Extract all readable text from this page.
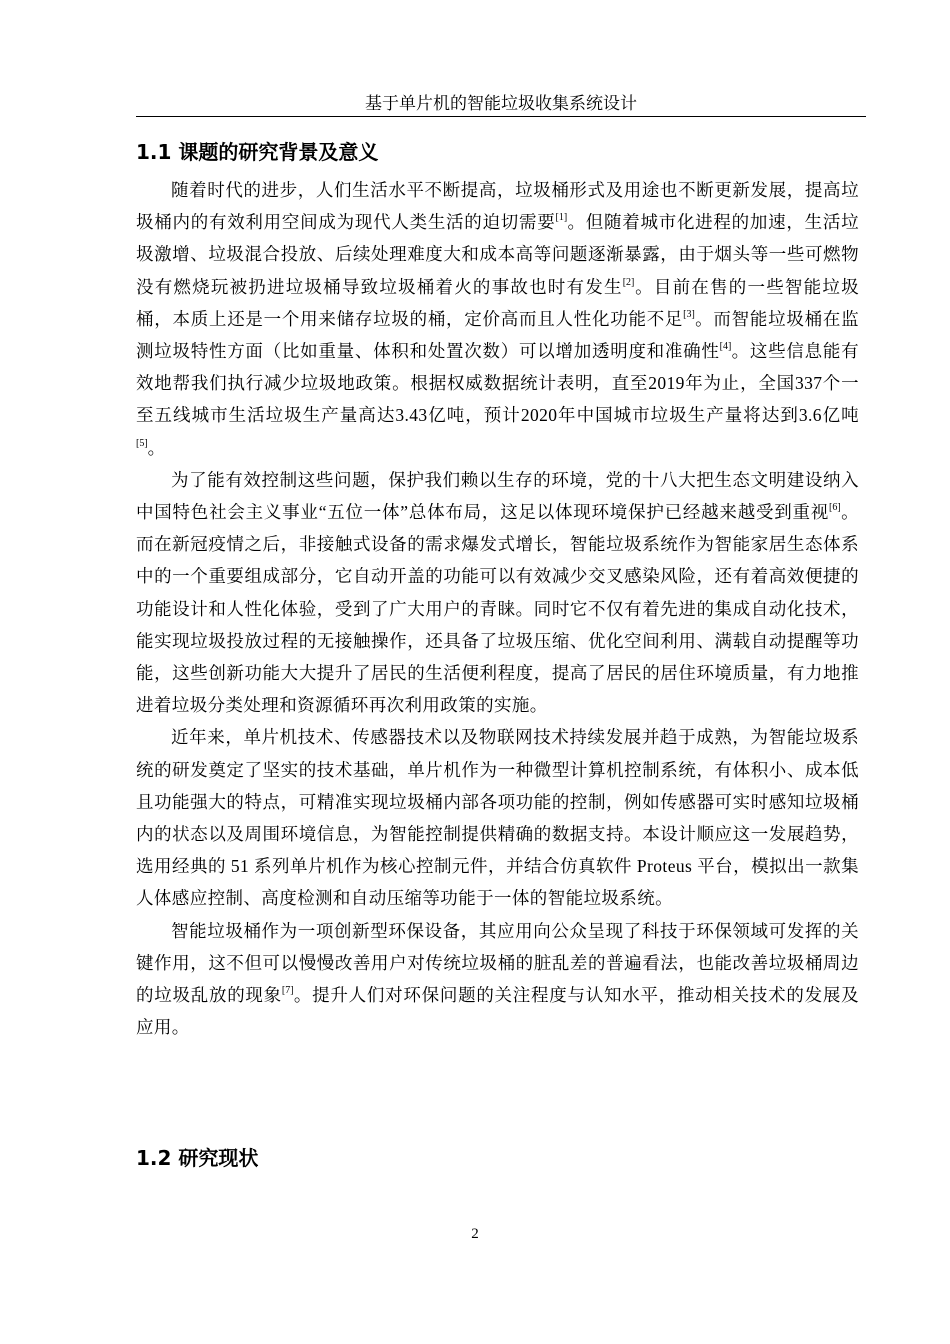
基于单片机的智能垃圾收集系统设计
1.1 课题的研究背景及意义

随着时代的进步，人们生活水平不断提高，垃圾桶形式及用途也不断更新发展，提高垃圾桶内的有效利用空间成为现代人类生活的迫切需要[1]。但随着城市化进程的加速，生活垃圾激增、垃圾混合投放、后续处理难度大和成本高等问题逐渐暴露，由于烟头等一些可燃物没有燃烧玩被扔进垃圾桶导致垃圾桶着火的事故也时有发生[2]。目前在售的一些智能垃圾桶，本质上还是一个用来储存垃圾的桶，定价高而且人性化功能不足[3]。而智能垃圾桶在监测垃圾特性方面（比如重量、体积和处置次数）可以增加透明度和准确性[4]。这些信息能有效地帮我们执行减少垃圾地政策。根据权威数据统计表明，直至2019年为止，全国337个一至五线城市生活垃圾生产量高达3.43亿吨，预计2020年中国城市垃圾生产量将达到3.6亿吨[5]。

为了能有效控制这些问题，保护我们赖以生存的环境，党的十八大把生态文明建设纳入中国特色社会主义事业“五位一体”总体布局，这足以体现环境保护已经越来越受到重视[6]。而在新冠疫情之后，非接触式设备的需求爆发式增长，智能垃圾系统作为智能家居生态体系中的一个重要组成部分，它自动开盖的功能可以有效减少交叉感染风险，还有着高效便捷的功能设计和人性化体验，受到了广大用户的青睐。同时它不仅有着先进的集成自动化技术，能实现垃圾投放过程的无接触操作，还具备了垃圾压缩、优化空间利用、满载自动提醒等功能，这些创新功能大大提升了居民的生活便利程度，提高了居民的居住环境质量，有力地推进着垃圾分类处理和资源循环再次利用政策的实施。

近年来，单片机技术、传感器技术以及物联网技术持续发展并趋于成熟，为智能垃圾系统的研发奠定了坚实的技术基础，单片机作为一种微型计算机控制系统，有体积小、成本低且功能强大的特点，可精准实现垃圾桶内部各项功能的控制，例如传感器可实时感知垃圾桶内的状态以及周围环境信息，为智能控制提供精确的数据支持。本设计顺应这一发展趋势，选用经典的 51 系列单片机作为核心控制元件，并结合仿真软件 Proteus 平台，模拟出一款集人体感应控制、高度检测和自动压缩等功能于一体的智能垃圾系统。

智能垃圾桶作为一项创新型环保设备，其应用向公众呈现了科技于环保领域可发挥的关键作用，这不但可以慢慢改善用户对传统垃圾桶的脏乱差的普遍看法，也能改善垃圾桶周边的垃圾乱放的现象[7]。提升人们对环保问题的关注程度与认知水平，推动相关技术的发展及应用。

1.2 研究现状
2
